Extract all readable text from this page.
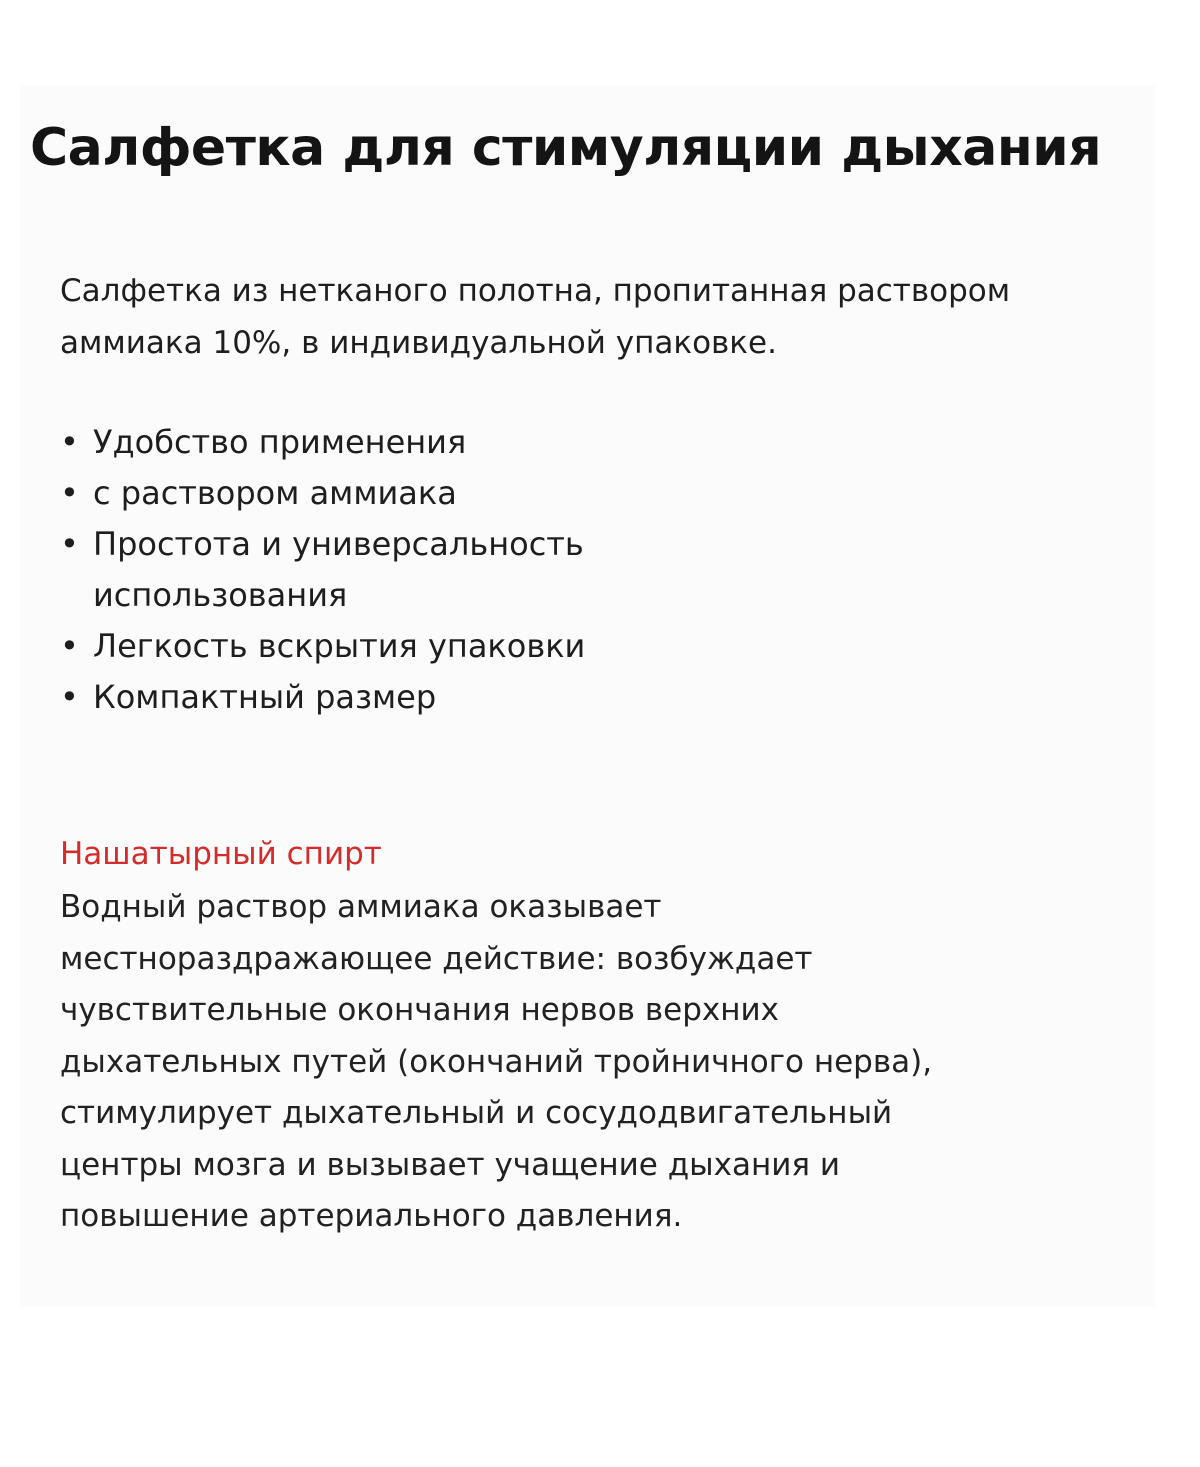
Салфетка для стимуляции дыхания

Салфетка из нетканого полотна, пропитанная раствором аммиака 10%, в индивидуальной упаковке.

• Удобство применения
• с раствором аммиака
• Простота и универсальность использования
• Легкость вскрытия упаковки
• Компактный размер
Нашатырный спирт

Водный раствор аммиака оказывает местнораздражающее действие: возбуждает чувствительные окончания нервов верхних дыхательных путей (окончаний тройничного нерва), стимулирует дыхательный и сосудодвигательный центры мозга и вызывает учащение дыхания и повышение артериального давления.
